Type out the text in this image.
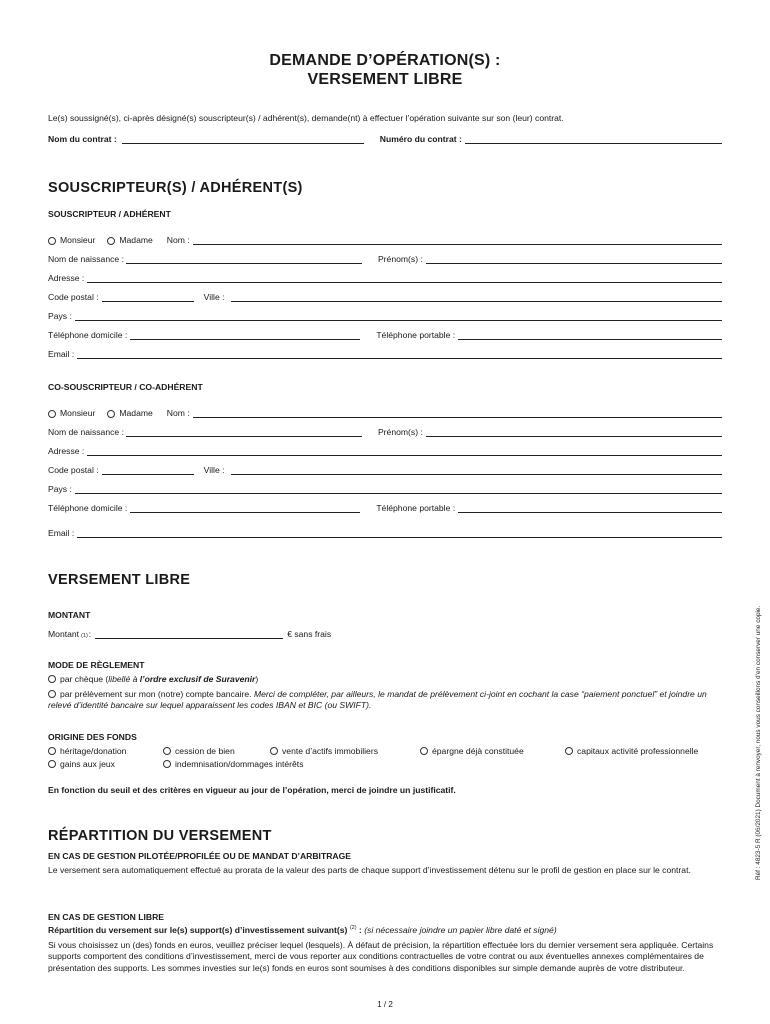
DEMANDE D’OPÉRATION(S) :
VERSEMENT LIBRE
Le(s) soussigné(s), ci-après désigné(s) souscripteur(s) / adhérent(s), demande(nt) à effectuer l’opération suivante sur son (leur) contrat.
Nom du contrat :	Numéro du contrat :
SOUSCRIPTEUR(S) / ADHÉRENT(S)
SOUSCRIPTEUR / ADHÉRENT
Monsieur	Madame Nom :
Nom de naissance :	Prénom(s) :
Adresse :
Code postal :	Ville :
Pays :
Téléphone domicile :	Téléphone portable :
Email :
CO-SOUSCRIPTEUR / CO-ADHÉRENT
Monsieur	Madame Nom :
Nom de naissance :	Prénom(s) :
Adresse :
Code postal :	Ville :
Pays :
Téléphone domicile :	Téléphone portable :
Email :
VERSEMENT LIBRE
MONTANT
Montant $_{(1)}$ :	€ sans frais
MODE DE RÈGLEMENT
par chèque (libellé à l’ordre exclusif de Suravenir)
par prélèvement sur mon (notre) compte bancaire. Merci de compléter, par ailleurs, le mandat de prélèvement ci-joint en cochant la case “paiement ponctuel” et joindre un relevé d’identité bancaire sur lequel apparaissent les codes IBAN et BIC (ou SWIFT).
ORIGINE DES FONDS
héritage/donation	cession de bien	vente d’actifs immobiliers	épargne déjà constituée	capitaux activité professionnelle
gains aux jeux	indemnisation/dommages intérêts
En fonction du seuil et des critères en vigueur au jour de l’opération, merci de joindre un justificatif.
RÉPARTITION DU VERSEMENT
EN CAS DE GESTION PILOTÉE/PROFILÉE OU DE MANDAT D’ARBITRAGE
Le versement sera automatiquement effectué au prorata de la valeur des parts de chaque support d’investissement détenu sur le profil de gestion en place sur le contrat.
EN CAS DE GESTION LIBRE
Répartition du versement sur le(s) support(s) d’investissement suivant(s) $^{(2)}$ : (si nécessaire joindre un papier libre daté et signé)
Si vous choisissez un (des) fonds en euros, veuillez préciser lequel (lesquels). À défaut de précision, la répartition effectuée lors du dernier versement sera appliquée. Certains supports comportent des conditions d’investissement, merci de vous reporter aux conditions contractuelles de votre contrat ou aux éventuelles annexes complémentaires de présentation des supports. Les sommes investies sur le(s) fonds en euros sont soumises à des conditions disponibles sur simple demande auprès de votre distributeur.
Réf : 4823-5 R (06/2021) Document à renvoyer, nous vous conseillons d’en conserver une copie.
1 / 2
